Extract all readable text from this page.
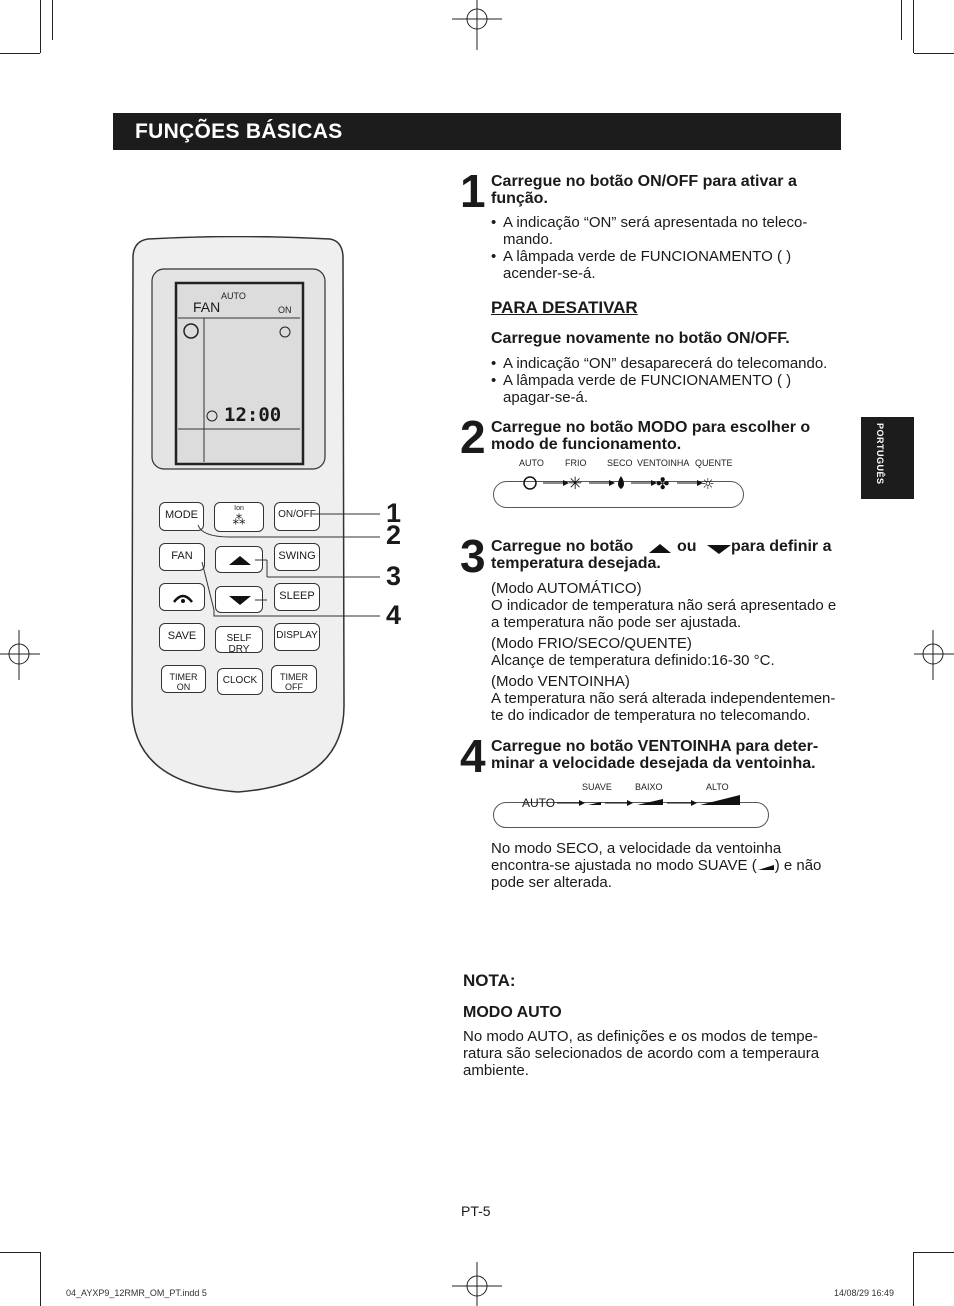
FUNÇÕES BÁSICAS
PORTUGUÊS
AUTO
FAN	ON
12:00
MODE
Ion
⁂	ON/OFF
FAN	SWING
SLEEP
SAVE	SELF DRY
DISPLAY
TIMER ON
CLOCK	TIMER OFF
1
2
3
4
1 Carregue no botão ON/OFF para ativar a função.
• A indicação “ON” será apresentada no teleco-mando.
• A lâmpada verde de FUNCIONAMENTO ( ) acender-se-á.
PARA DESATIVAR
Carregue novamente no botão ON/OFF.
• A indicação “ON” desaparecerá do telecomando.
• A lâmpada verde de FUNCIONAMENTO ( ) apagar-se-á.
2 Carregue no botão MODO para escolher o modo de funcionamento.
AUTO FRIO SECO VENTOINHA QUENTE
✳	✤ ☼
3 Carregue no botão	ou para definir a
temperatura desejada.
(Modo AUTOMÁTICO)
O indicador de temperatura não será apresentado e a temperatura não pode ser ajustada.
(Modo FRIO/SECO/QUENTE)
Alcançe de temperatura definido:16-30 °C.
(Modo VENTOINHA)
A temperatura não será alterada independentemen-te do indicador de temperatura no telecomando.
4 Carregue no botão VENTOINHA para deter-minar a velocidade desejada da ventoinha.
SUAVE	BAIXO	ALTO
AUTO
No modo SECO, a velocidade da ventoinha encontra-se ajustada no modo SUAVE ( ) e não pode ser alterada.
NOTA:
MODO AUTO
No modo AUTO, as definições e os modos de tempe-ratura são selecionados de acordo com a temperaura ambiente.
PT-5
04_AYXP9_12RMR_OM_PT.indd 5	14/08/29 16:49
